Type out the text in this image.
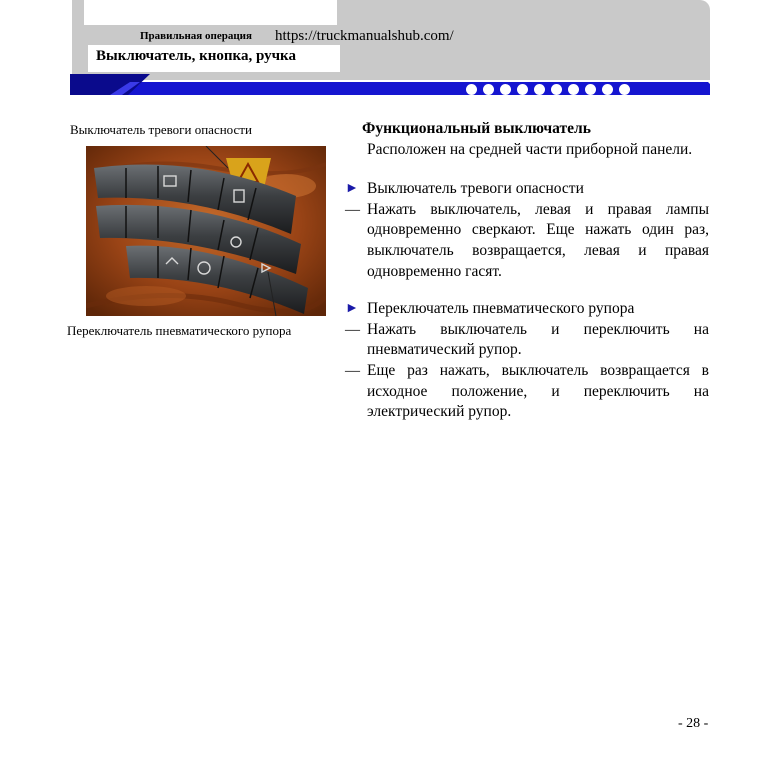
Правильная операция https://truckmanualshub.com/
Выключатель, кнопка, ручка
Выключатель тревоги опасности
Переключатель пневматического рупора

Функциональный выключатель

Расположен на средней части приборной панели.

► Выключатель тревоги опасности
— Нажать выключатель, левая и правая лампы одновременно сверкают. Еще нажать один раз, выключатель возвращается, левая и правая одновременно гасят.
► Переключатель пневматического рупора
— Нажать выключатель и переключить на пневматический рупор.
— Еще раз нажать, выключатель возвращается в исходное положение, и переключить на электрический рупор.
- 28 -
